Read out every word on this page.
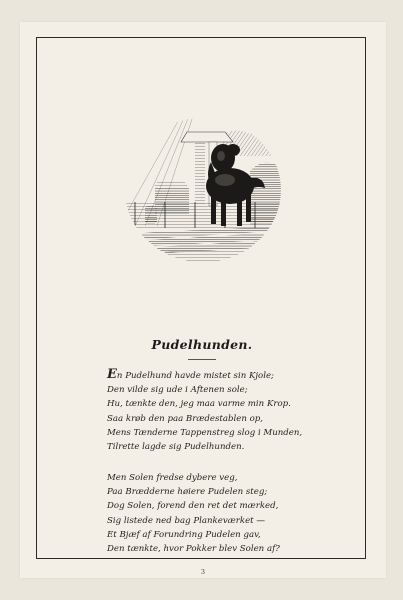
3
Pudelhunden.
En Pudelhund havde mistet sin Kjole;
Den vilde sig ude i Aftenen sole;
Hu, tænkte den, jeg maa varme min Krop.
Saa krøb den paa Brædestablen op,
Mens Tænderne Tappenstreg slog i Munden,
Tilrette lagde sig Pudelhunden.
Men Solen fredse dybere veg,
Paa Brædderne høiere Pudelen steg;
Dog Solen, forend den ret det mærked,
Sig listede ned bag Plankeværket —
Et Bjæf af Forundring Pudelen gav,
Den tænkte, hvor Pokker blev Solen af?
